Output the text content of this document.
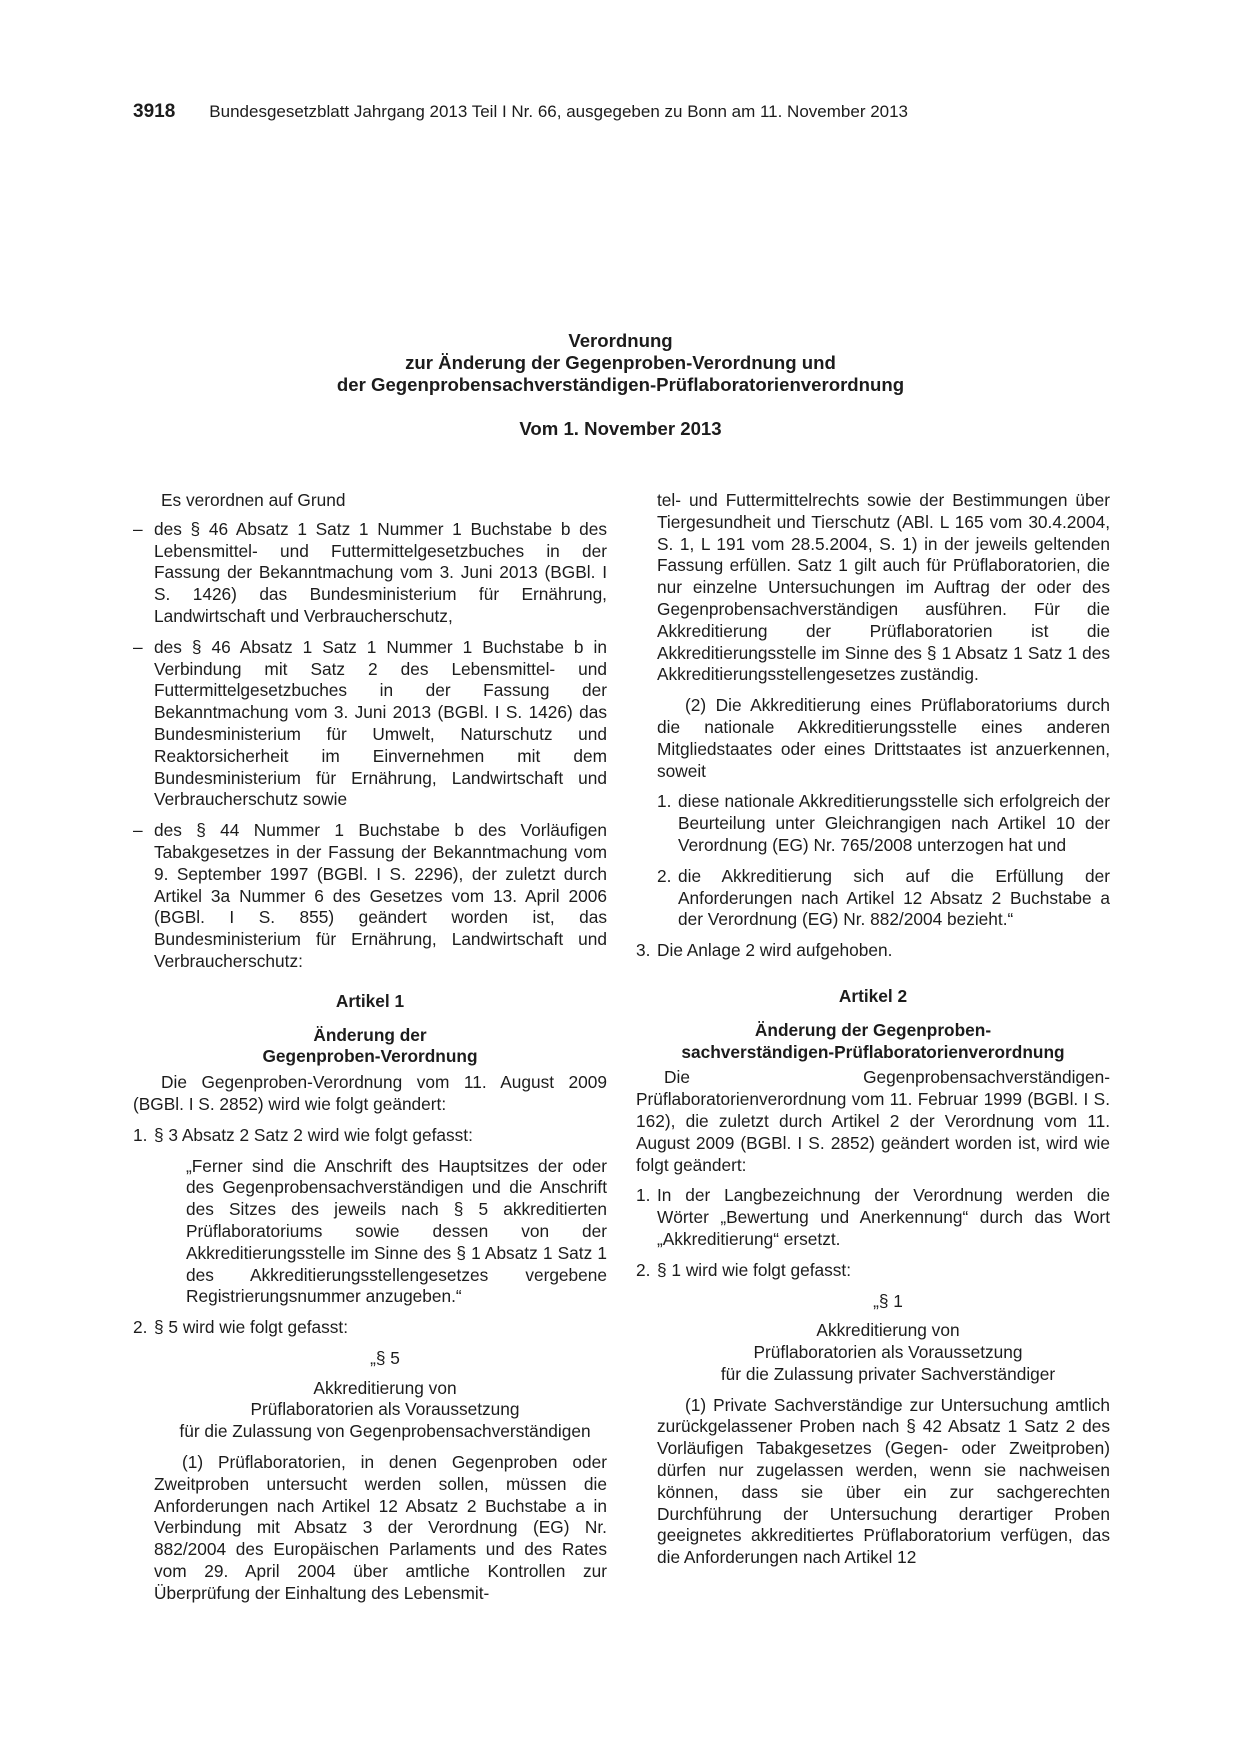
3918 Bundesgesetzblatt Jahrgang 2013 Teil I Nr. 66, ausgegeben zu Bonn am 11. November 2013
Verordnung
zur Änderung der Gegenproben-Verordnung und
der Gegenprobensachverständigen-Prüflaboratorienverordnung
Vom 1. November 2013

Es verordnen auf Grund

– des § 46 Absatz 1 Satz 1 Nummer 1 Buchstabe b des Lebensmittel- und Futtermittelgesetzbuches in der Fassung der Bekanntmachung vom 3. Juni 2013 (BGBl. I S. 1426) das Bundesministerium für Ernährung, Landwirtschaft und Verbraucherschutz,

– des § 46 Absatz 1 Satz 1 Nummer 1 Buchstabe b in Verbindung mit Satz 2 des Lebensmittel- und Futtermittelgesetzbuches in der Fassung der Bekanntmachung vom 3. Juni 2013 (BGBl. I S. 1426) das Bundesministerium für Umwelt, Naturschutz und Reaktorsicherheit im Einvernehmen mit dem Bundesministerium für Ernährung, Landwirtschaft und Verbraucherschutz sowie

– des § 44 Nummer 1 Buchstabe b des Vorläufigen Tabakgesetzes in der Fassung der Bekanntmachung vom 9. September 1997 (BGBl. I S. 2296), der zuletzt durch Artikel 3a Nummer 6 des Gesetzes vom 13. April 2006 (BGBl. I S. 855) geändert worden ist, das Bundesministerium für Ernährung, Landwirtschaft und Verbraucherschutz:

Artikel 1

Änderung der

Gegenproben-Verordnung

Die Gegenproben-Verordnung vom 11. August 2009 (BGBl. I S. 2852) wird wie folgt geändert:

1. § 3 Absatz 2 Satz 2 wird wie folgt gefasst:

„Ferner sind die Anschrift des Hauptsitzes der oder des Gegenprobensachverständigen und die Anschrift des Sitzes des jeweils nach § 5 akkreditierten Prüflaboratoriums sowie dessen von der Akkreditierungsstelle im Sinne des § 1 Absatz 1 Satz 1 des Akkreditierungsstellengesetzes vergebene Registrierungsnummer anzugeben.“

2. § 5 wird wie folgt gefasst:

„§ 5

Akkreditierung von

Prüflaboratorien als Voraussetzung

für die Zulassung von Gegenprobensachverständigen

(1) Prüflaboratorien, in denen Gegenproben oder Zweitproben untersucht werden sollen, müssen die Anforderungen nach Artikel 12 Absatz 2 Buchstabe a in Verbindung mit Absatz 3 der Verordnung (EG) Nr. 882/2004 des Europäischen Parlaments und des Rates vom 29. April 2004 über amtliche Kontrollen zur Überprüfung der Einhaltung des Lebensmit-

tel- und Futtermittelrechts sowie der Bestimmungen über Tiergesundheit und Tierschutz (ABl. L 165 vom 30.4.2004, S. 1, L 191 vom 28.5.2004, S. 1) in der jeweils geltenden Fassung erfüllen. Satz 1 gilt auch für Prüflaboratorien, die nur einzelne Untersuchungen im Auftrag der oder des Gegenprobensachverständigen ausführen. Für die Akkreditierung der Prüflaboratorien ist die Akkreditierungsstelle im Sinne des § 1 Absatz 1 Satz 1 des Akkreditierungsstellengesetzes zuständig.

(2) Die Akkreditierung eines Prüflaboratoriums durch die nationale Akkreditierungsstelle eines anderen Mitgliedstaates oder eines Drittstaates ist anzuerkennen, soweit

1. diese nationale Akkreditierungsstelle sich erfolgreich der Beurteilung unter Gleichrangigen nach Artikel 10 der Verordnung (EG) Nr. 765/2008 unterzogen hat und

2. die Akkreditierung sich auf die Erfüllung der Anforderungen nach Artikel 12 Absatz 2 Buchstabe a der Verordnung (EG) Nr. 882/2004 bezieht.“

3. Die Anlage 2 wird aufgehoben.

Artikel 2

Änderung der Gegenproben-

sachverständigen-Prüflaboratorienverordnung

Die Gegenprobensachverständigen-Prüflaboratorienverordnung vom 11. Februar 1999 (BGBl. I S. 162), die zuletzt durch Artikel 2 der Verordnung vom 11. August 2009 (BGBl. I S. 2852) geändert worden ist, wird wie folgt geändert:

1. In der Langbezeichnung der Verordnung werden die Wörter „Bewertung und Anerkennung“ durch das Wort „Akkreditierung“ ersetzt.

2. § 1 wird wie folgt gefasst:

„§ 1

Akkreditierung von

Prüflaboratorien als Voraussetzung

für die Zulassung privater Sachverständiger

(1) Private Sachverständige zur Untersuchung amtlich zurückgelassener Proben nach § 42 Absatz 1 Satz 2 des Vorläufigen Tabakgesetzes (Gegen- oder Zweitproben) dürfen nur zugelassen werden, wenn sie nachweisen können, dass sie über ein zur sachgerechten Durchführung der Untersuchung derartiger Proben geeignetes akkreditiertes Prüflaboratorium verfügen, das die Anforderungen nach Artikel 12
